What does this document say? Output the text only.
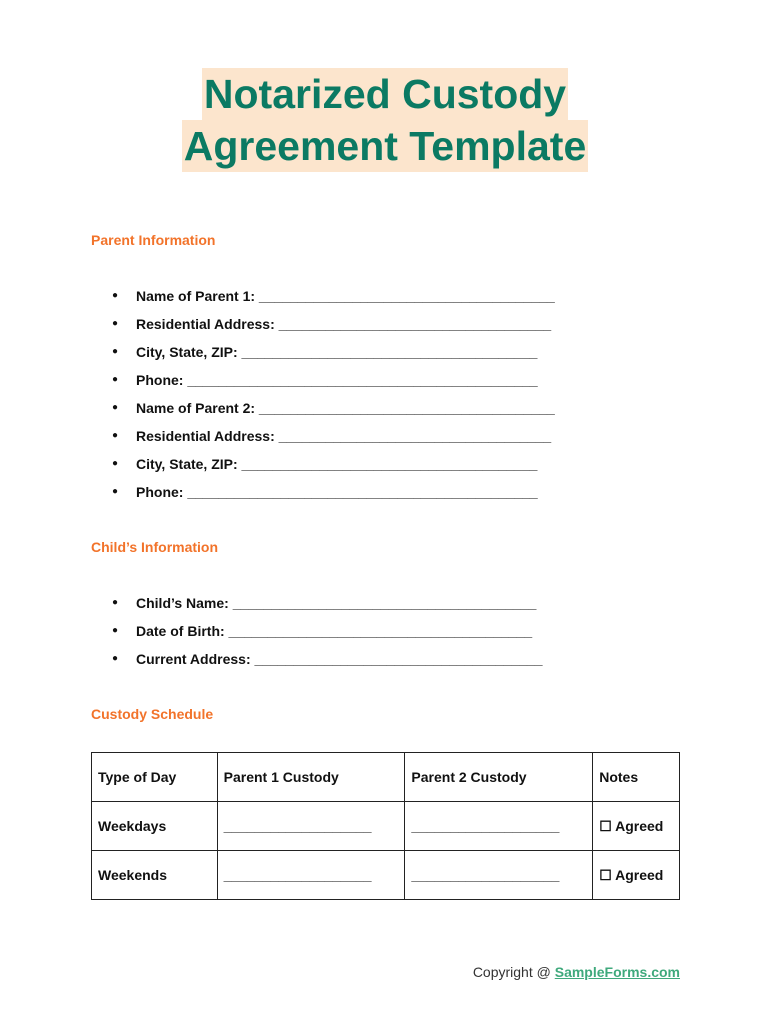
Notarized Custody
Agreement Template
Parent Information
● Name of Parent 1: ______________________________________
● Residential Address: ___________________________________
● City, State, ZIP: ______________________________________
● Phone: _____________________________________________
● Name of Parent 2: ______________________________________
● Residential Address: ___________________________________
● City, State, ZIP: ______________________________________
● Phone: _____________________________________________
Child’s Information
● Child’s Name: _______________________________________
● Date of Birth: _______________________________________
● Current Address: _____________________________________
Custody Schedule
Type of Day	Parent 1 Custody	Parent 2 Custody	Notes
Weekdays	___________________	___________________	☐ Agreed
Weekends	___________________	___________________	☐ Agreed
Copyright @ SampleForms.com
